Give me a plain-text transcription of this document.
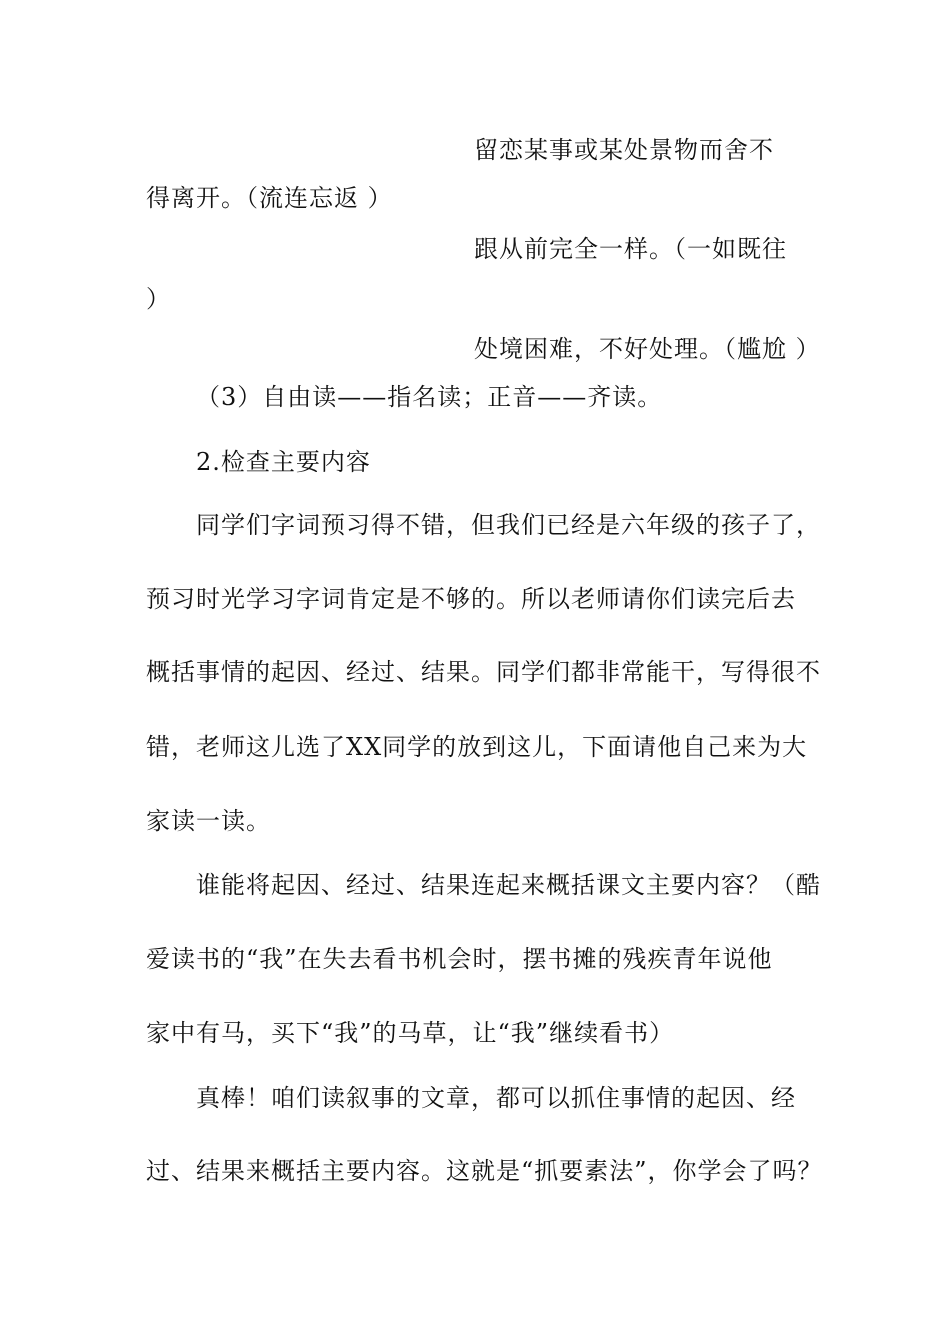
留恋某事或某处景物而舍不
得离开。（流连忘返 ）
跟从前完全一样。（一如既往
）
处境困难，不好处理。（尴尬 ）
（3）自由读——指名读；正音——齐读。
2.检查主要内容
同学们字词预习得不错，但我们已经是六年级的孩子了，
预习时光学习字词肯定是不够的。所以老师请你们读完后去
概括事情的起因、经过、结果。同学们都非常能干，写得很不
错，老师这儿选了XX同学的放到这儿，下面请他自己来为大
家读一读。
谁能将起因、经过、结果连起来概括课文主要内容？（酷
爱读书的“我”在失去看书机会时，摆书摊的残疾青年说他
家中有马，买下“我”的马草，让“我”继续看书）
真棒！咱们读叙事的文章，都可以抓住事情的起因、经
过、结果来概括主要内容。这就是“抓要素法”，你学会了吗？
